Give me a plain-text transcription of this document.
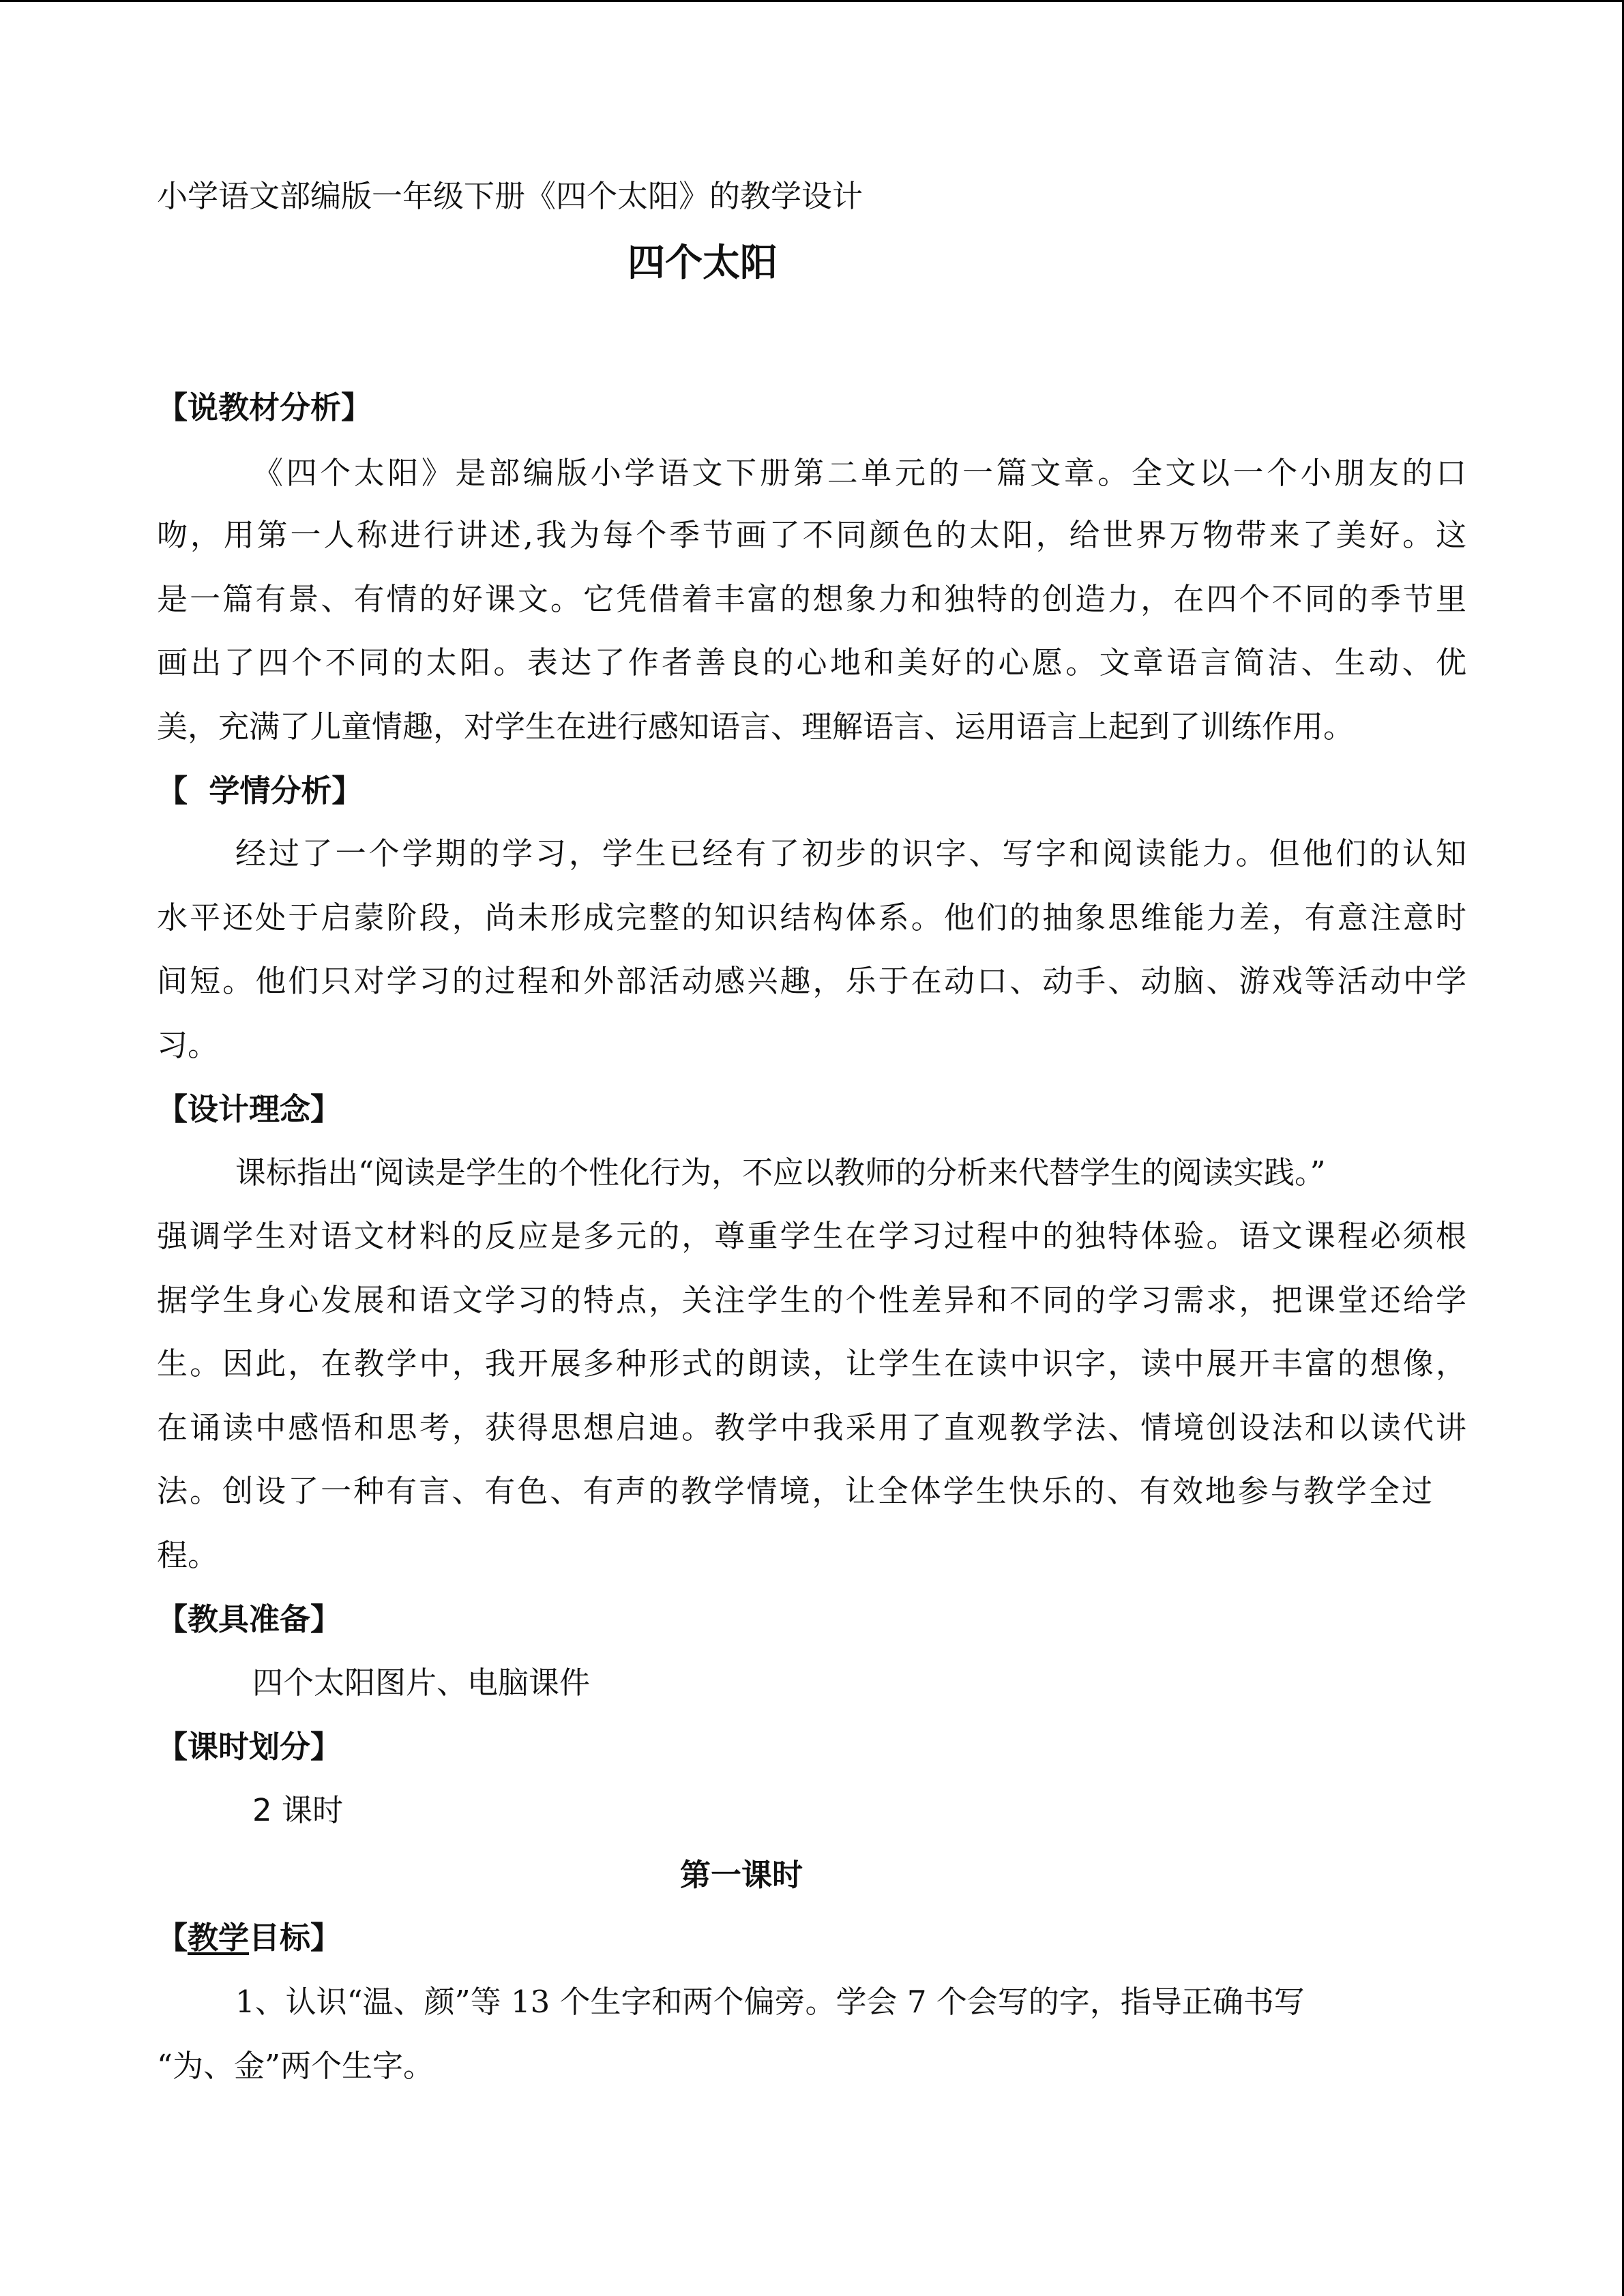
小学语文部编版一年级下册《四个太阳》的教学设计
四个太阳
【说教材分析】
《四个太阳》是部编版小学语文下册第二单元的一篇文章。全文以一个小朋友的口
吻，用第一人称进行讲述,我为每个季节画了不同颜色的太阳，给世界万物带来了美好。这
是一篇有景、有情的好课文。它凭借着丰富的想象力和独特的创造力，在四个不同的季节里
画出了四个不同的太阳。表达了作者善良的心地和美好的心愿。文章语言简洁、生动、优
美，充满了儿童情趣，对学生在进行感知语言、理解语言、运用语言上起到了训练作用。
【  学情分析】
经过了一个学期的学习，学生已经有了初步的识字、写字和阅读能力。但他们的认知
水平还处于启蒙阶段，尚未形成完整的知识结构体系。他们的抽象思维能力差，有意注意时
间短。他们只对学习的过程和外部活动感兴趣，乐于在动口、动手、动脑、游戏等活动中学
习。
【设计理念】
课标指出“阅读是学生的个性化行为，不应以教师的分析来代替学生的阅读实践。”
强调学生对语文材料的反应是多元的，尊重学生在学习过程中的独特体验。语文课程必须根
据学生身心发展和语文学习的特点，关注学生的个性差异和不同的学习需求，把课堂还给学
生。因此，在教学中，我开展多种形式的朗读，让学生在读中识字，读中展开丰富的想像，
在诵读中感悟和思考，获得思想启迪。教学中我采用了直观教学法、情境创设法和以读代讲
法。创设了一种有言、有色、有声的教学情境，让全体学生快乐的、有效地参与教学全过
程。
【教具准备】
四个太阳图片、电脑课件
【课时划分】
2 课时
第一课时
【教学目标】
1、认识“温、颜”等 13 个生字和两个偏旁。学会 7 个会写的字，指导正确书写
“为、金”两个生字。
